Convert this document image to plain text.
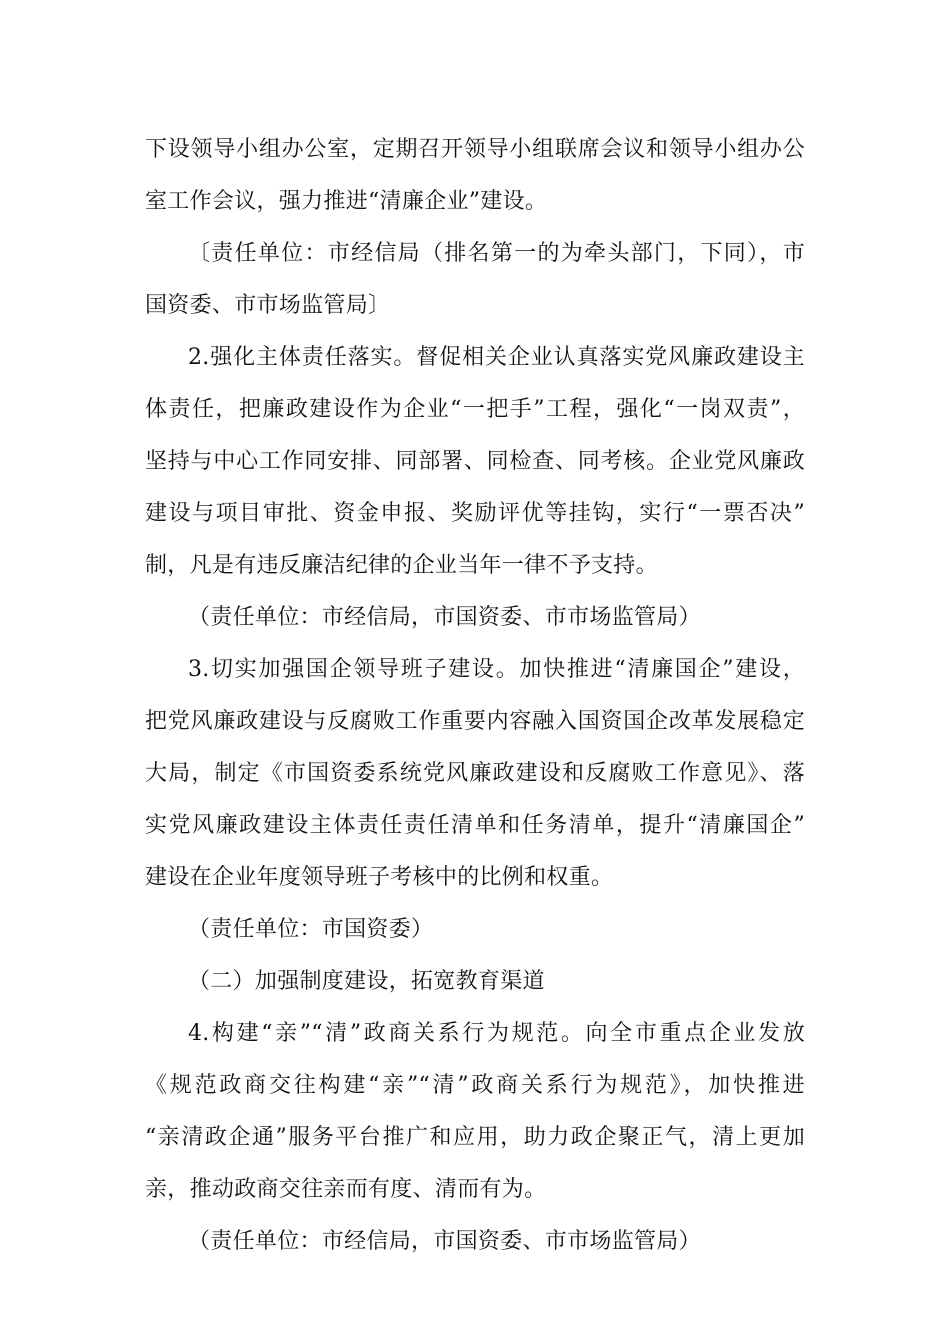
下设领导小组办公室，定期召开领导小组联席会议和领导小组办公
室工作会议，强力推进“清廉企业”建设。
〔责任单位：市经信局（排名第一的为牵头部门，下同），市
国资委、市市场监管局〕
2.强化主体责任落实。督促相关企业认真落实党风廉政建设主
体责任，把廉政建设作为企业“一把手”工程，强化“一岗双责”，
坚持与中心工作同安排、同部署、同检查、同考核。企业党风廉政
建设与项目审批、资金申报、奖励评优等挂钩，实行“一票否决”
制，凡是有违反廉洁纪律的企业当年一律不予支持。
（责任单位：市经信局，市国资委、市市场监管局）
3.切实加强国企领导班子建设。加快推进“清廉国企”建设，
把党风廉政建设与反腐败工作重要内容融入国资国企改革发展稳定
大局，制定《市国资委系统党风廉政建设和反腐败工作意见》、落
实党风廉政建设主体责任责任清单和任务清单，提升“清廉国企”
建设在企业年度领导班子考核中的比例和权重。
（责任单位：市国资委）
（二）加强制度建设，拓宽教育渠道
4.构建“亲”“清”政商关系行为规范。向全市重点企业发放
《规范政商交往构建“亲”“清”政商关系行为规范》，加快推进
“亲清政企通”服务平台推广和应用，助力政企聚正气，清上更加
亲，推动政商交往亲而有度、清而有为。
（责任单位：市经信局，市国资委、市市场监管局）
